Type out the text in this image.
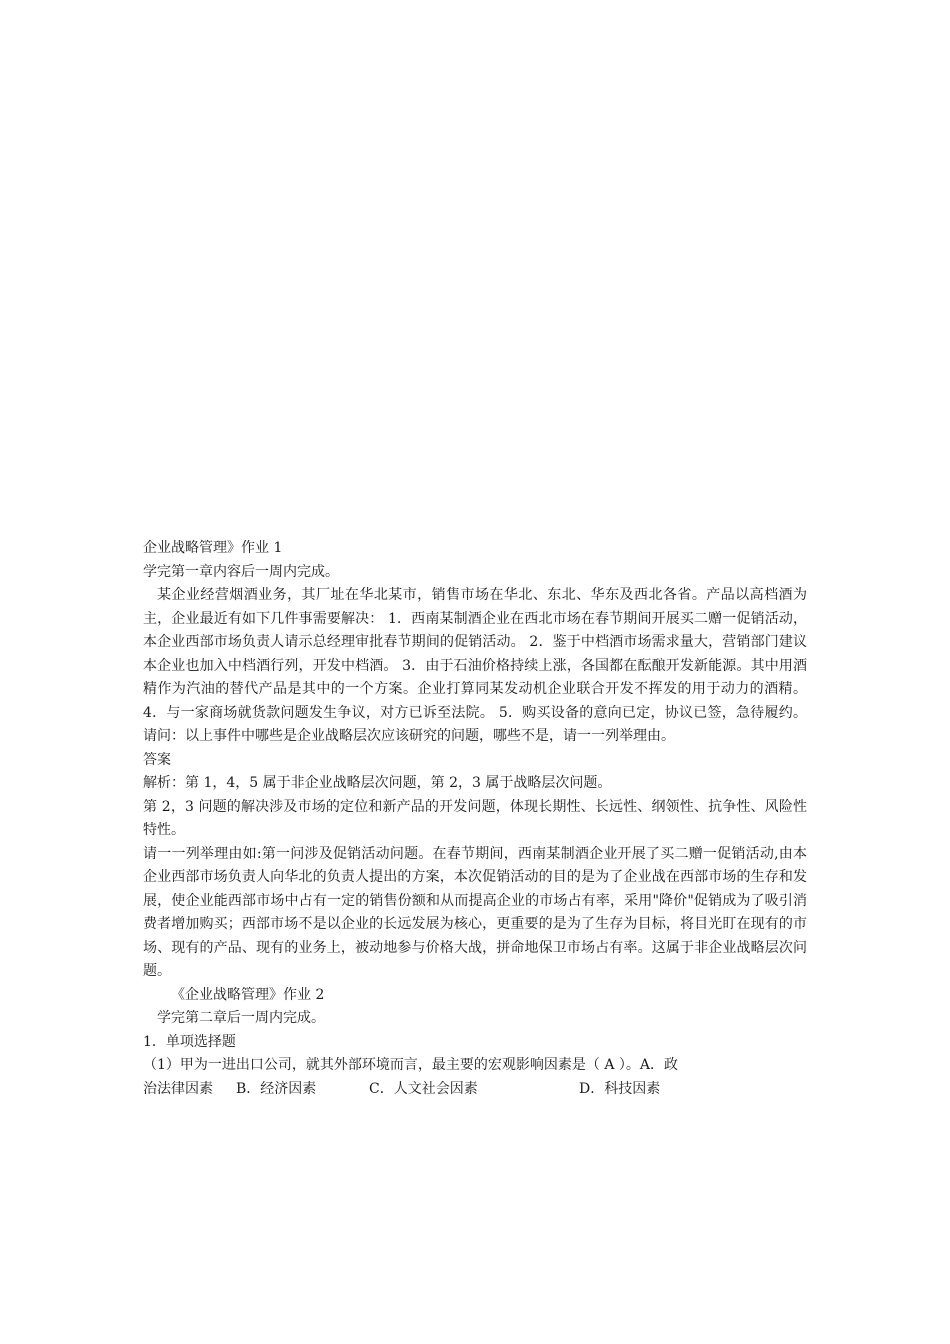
企业战略管理》作业 1

学完第一章内容后一周内完成。

某企业经营烟酒业务，其厂址在华北某市，销售市场在华北、东北、华东及西北各省。产品以高档酒为主，企业最近有如下几件事需要解决： 1．西南某制酒企业在西北市场在春节期间开展买二赠一促销活动，本企业西部市场负责人请示总经理审批春节期间的促销活动。 2．鉴于中档酒市场需求量大，营销部门建议本企业也加入中档酒行列，开发中档酒。 3．由于石油价格持续上涨，各国都在酝酿开发新能源。其中用酒精作为汽油的替代产品是其中的一个方案。企业打算同某发动机企业联合开发不挥发的用于动力的酒精。 4．与一家商场就货款问题发生争议，对方已诉至法院。 5．购买设备的意向已定，协议已签，急待履约。请问：以上事件中哪些是企业战略层次应该研究的问题，哪些不是，请一一列举理由。

答案

解析：第 1，4，5 属于非企业战略层次问题，第 2，3 属于战略层次问题。

第 2，3 问题的解决涉及市场的定位和新产品的开发问题，体现长期性、长远性、纲领性、抗争性、风险性特性。

请一一列举理由如:第一问涉及促销活动问题。在春节期间，西南某制酒企业开展了买二赠一促销活动,由本企业西部市场负责人向华北的负责人提出的方案，本次促销活动的目的是为了企业战在西部市场的生存和发展，使企业能西部市场中占有一定的销售份额和从而提高企业的市场占有率，采用"降价"促销成为了吸引消费者增加购买；西部市场不是以企业的长远发展为核心，更重要的是为了生存为目标，将目光盯在现有的市场、现有的产品、现有的业务上，被动地参与价格大战，拼命地保卫市场占有率。这属于非企业战略层次问题。

《企业战略管理》作业 2

学完第二章后一周内完成。

1．单项选择题

（1）甲为一进出口公司，就其外部环境而言，最主要的宏观影响因素是（ A ）。A．政

治法律因素	B．经济因素	C．人文社会因素	D．科技因素
